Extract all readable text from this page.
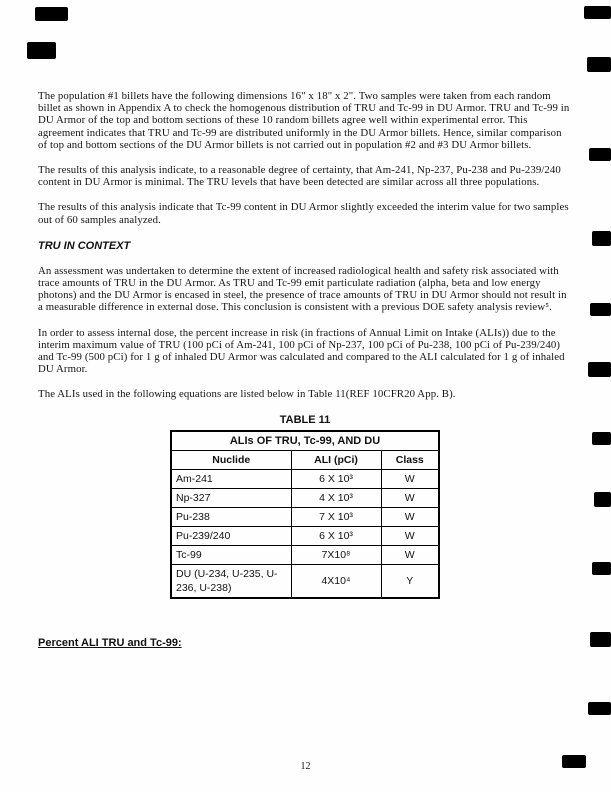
The population #1 billets have the following dimensions 16" x 18" x 2". Two samples were taken from each random billet as shown in Appendix A to check the homogenous distribution of TRU and Tc-99 in DU Armor. TRU and Tc-99 in DU Armor of the top and bottom sections of these 10 random billets agree well within experimental error. This agreement indicates that TRU and Tc-99 are distributed uniformly in the DU Armor billets. Hence, similar comparison of top and bottom sections of the DU Armor billets is not carried out in population #2 and #3 DU Armor billets.

The results of this analysis indicate, to a reasonable degree of certainty, that Am-241, Np-237, Pu-238 and Pu-239/240 content in DU Armor is minimal. The TRU levels that have been detected are similar across all three populations.

The results of this analysis indicate that Tc-99 content in DU Armor slightly exceeded the interim value for two samples out of 60 samples analyzed.

TRU IN CONTEXT

An assessment was undertaken to determine the extent of increased radiological health and safety risk associated with trace amounts of TRU in the DU Armor. As TRU and Tc-99 emit particulate radiation (alpha, beta and low energy photons) and the DU Armor is encased in steel, the presence of trace amounts of TRU in DU Armor should not result in a measurable difference in external dose. This conclusion is consistent with a previous DOE safety analysis review⁵.

In order to assess internal dose, the percent increase in risk (in fractions of Annual Limit on Intake (ALIs)) due to the interim maximum value of TRU (100 pCi of Am-241, 100 pCi of Np-237, 100 pCi of Pu-238, 100 pCi of Pu-239/240) and Tc-99 (500 pCi) for 1 g of inhaled DU Armor was calculated and compared to the ALI calculated for 1 g of inhaled DU Armor.

The ALIs used in the following equations are listed below in Table 11(REF 10CFR20 App. B).

TABLE 11
ALIs OF TRU, Tc-99, AND DU		
Nuclide	ALI (pCi)	Class
Am-241	6 X 10³	W
Np-327	4 X 10³	W
Pu-238	7 X 10³	W
Pu-239/240	6 X 10³	W
Tc-99	7X10⁸	W
DU (U-234, U-235, U-236, U-238)	4X10⁴	Y
Percent ALI TRU and Tc-99:
12
